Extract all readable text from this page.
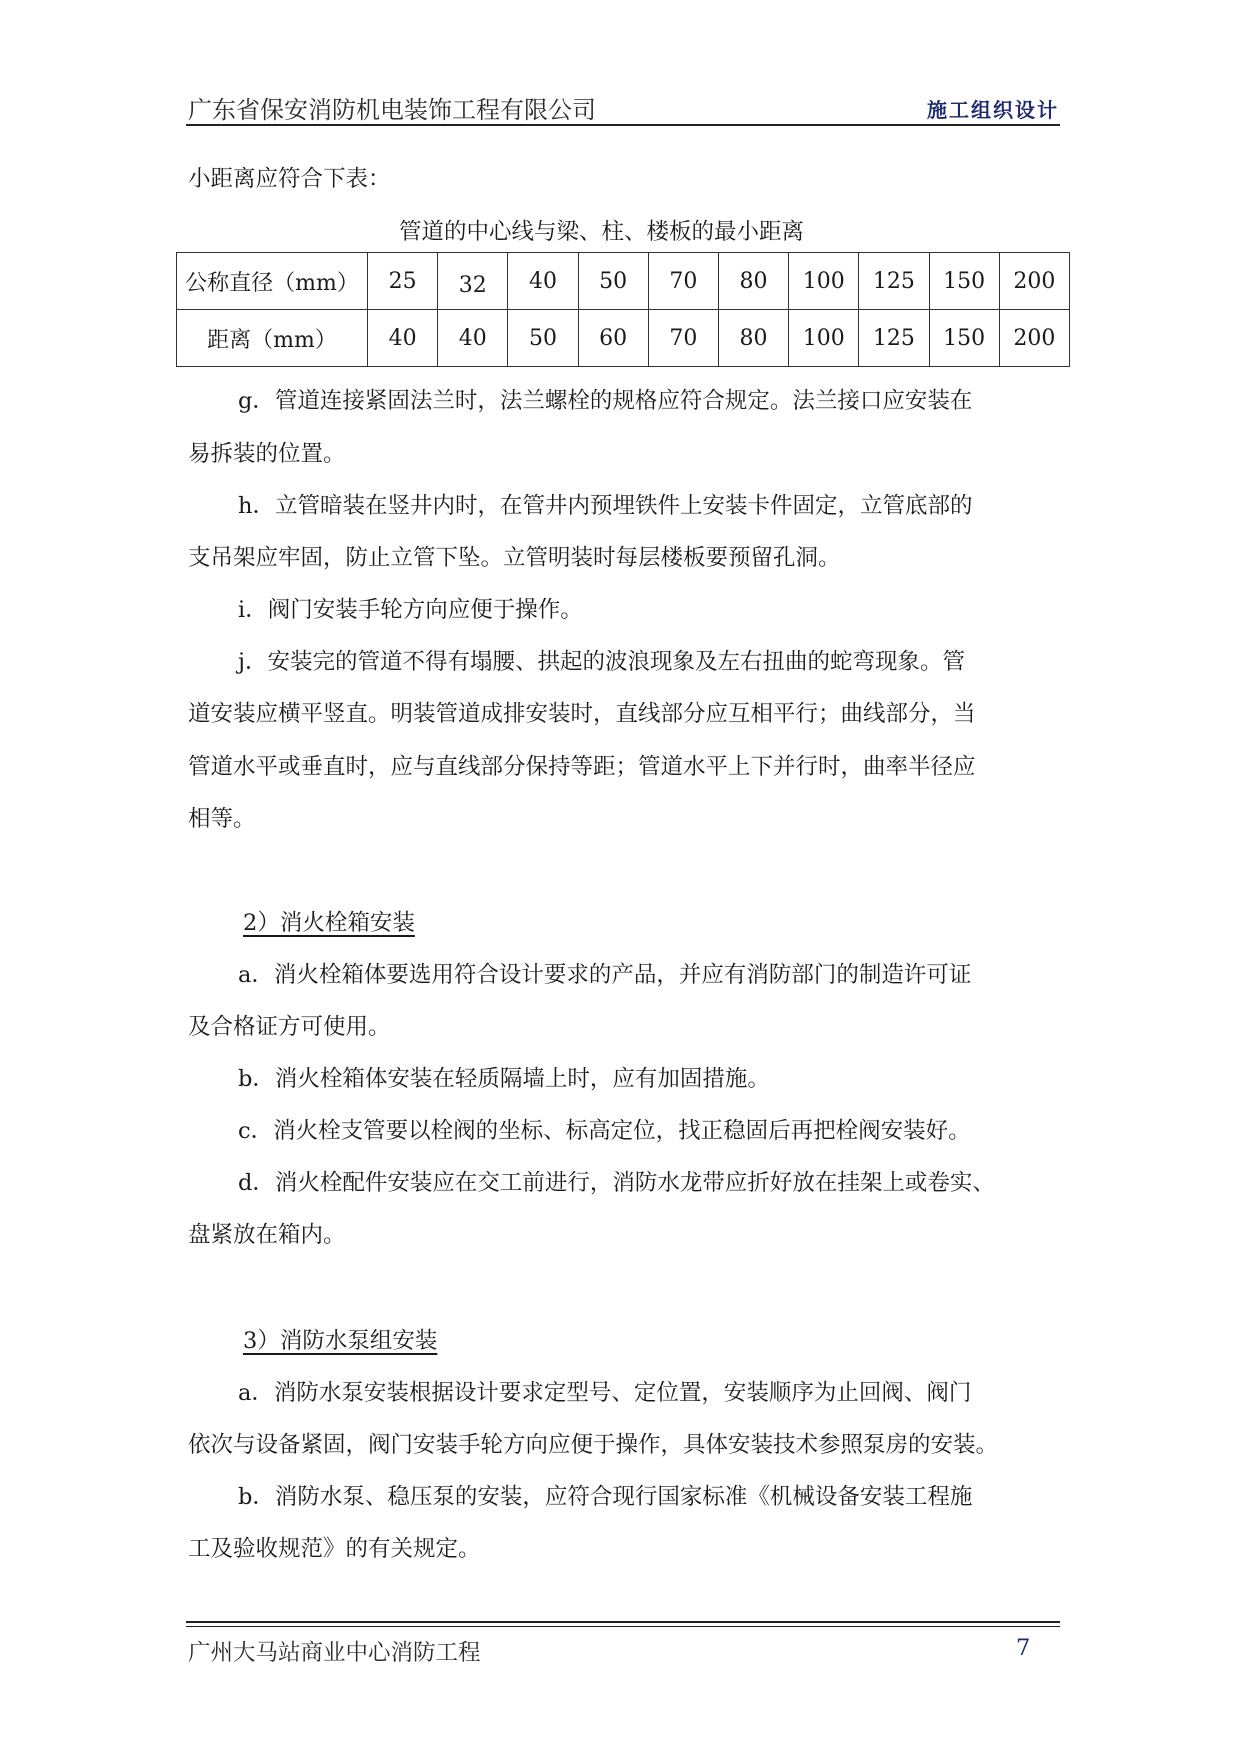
广东省保安消防机电装饰工程有限公司	施工组织设计
小距离应符合下表：
管道的中心线与梁、柱、楼板的最小距离
公称直径（mm）	25	32	40	50	70	80	100	125	150	200
距离（mm）	40	40	50	60	70	80	100	125	150	200
g．管道连接紧固法兰时，法兰螺栓的规格应符合规定。法兰接口应安装在
易拆装的位置。
h．立管暗装在竖井内时，在管井内预埋铁件上安装卡件固定，立管底部的
支吊架应牢固，防止立管下坠。立管明装时每层楼板要预留孔洞。
i．阀门安装手轮方向应便于操作。
j．安装完的管道不得有塌腰、拱起的波浪现象及左右扭曲的蛇弯现象。管
道安装应横平竖直。明装管道成排安装时，直线部分应互相平行；曲线部分，当
管道水平或垂直时，应与直线部分保持等距；管道水平上下并行时，曲率半径应
相等。
2）消火栓箱安装
a．消火栓箱体要选用符合设计要求的产品，并应有消防部门的制造许可证
及合格证方可使用。
b．消火栓箱体安装在轻质隔墙上时，应有加固措施。
c．消火栓支管要以栓阀的坐标、标高定位，找正稳固后再把栓阀安装好。
d．消火栓配件安装应在交工前进行，消防水龙带应折好放在挂架上或卷实、
盘紧放在箱内。
3）消防水泵组安装
a．消防水泵安装根据设计要求定型号、定位置，安装顺序为止回阀、阀门
依次与设备紧固，阀门安装手轮方向应便于操作，具体安装技术参照泵房的安装。
b．消防水泵、稳压泵的安装，应符合现行国家标准《机械设备安装工程施
工及验收规范》的有关规定。
广州大马站商业中心消防工程	7
